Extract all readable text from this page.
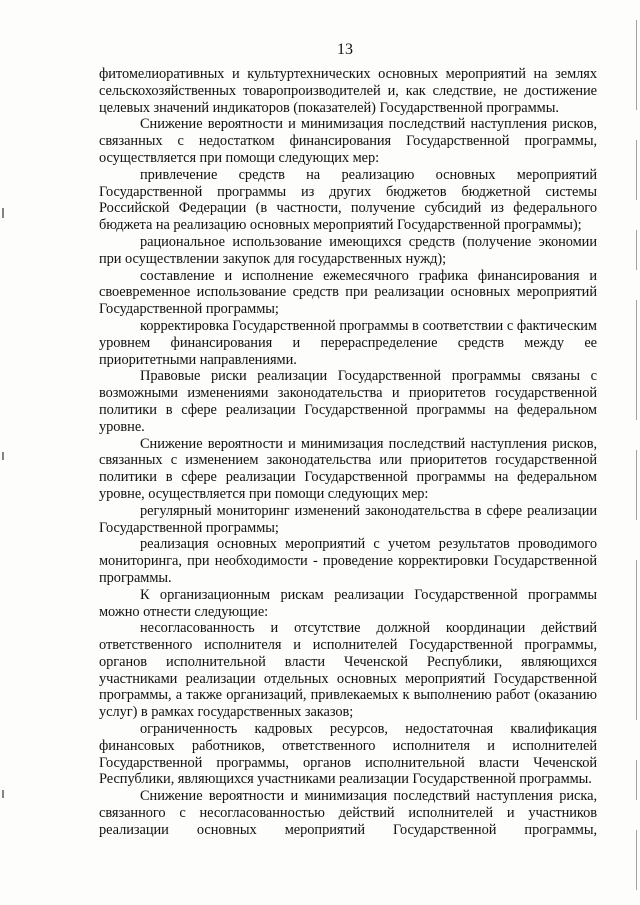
13

фитомелиоративных и культуртехнических основных мероприятий на землях сельскохозяйственных товаропроизводителей и, как следствие, не достижение целевых значений индикаторов (показателей) Государственной программы.

Снижение вероятности и минимизация последствий наступления рисков, связанных с недостатком финансирования Государственной программы, осуществляется при помощи следующих мер:

привлечение средств на реализацию основных мероприятий Государственной программы из других бюджетов бюджетной системы Российской Федерации (в частности, получение субсидий из федерального бюджета на реализацию основных мероприятий Государственной программы);

рациональное использование имеющихся средств (получение экономии при осуществлении закупок для государственных нужд);

составление и исполнение ежемесячного графика финансирования и своевременное использование средств при реализации основных мероприятий Государственной программы;

корректировка Государственной программы в соответствии с фактическим уровнем финансирования и перераспределение средств между ее приоритетными направлениями.

Правовые риски реализации Государственной программы связаны с возможными изменениями законодательства и приоритетов государственной политики в сфере реализации Государственной программы на федеральном уровне.

Снижение вероятности и минимизация последствий наступления рисков, связанных с изменением законодательства или приоритетов государственной политики в сфере реализации Государственной программы на федеральном уровне, осуществляется при помощи следующих мер:

регулярный мониторинг изменений законодательства в сфере реализации Государственной программы;

реализация основных мероприятий с учетом результатов проводимого мониторинга, при необходимости - проведение корректировки Государственной программы.

К организационным рискам реализации Государственной программы можно отнести следующие:

несогласованность и отсутствие должной координации действий ответственного исполнителя и исполнителей Государственной программы, органов исполнительной власти Чеченской Республики, являющихся участниками реализации отдельных основных мероприятий Государственной программы, а также организаций, привлекаемых к выполнению работ (оказанию услуг) в рамках государственных заказов;

ограниченность кадровых ресурсов, недостаточная квалификация финансовых работников, ответственного исполнителя и исполнителей Государственной программы, органов исполнительной власти Чеченской Республики, являющихся участниками реализации Государственной программы.

Снижение вероятности и минимизация последствий наступления риска, связанного с несогласованностью действий исполнителей и участников реализации основных мероприятий Государственной программы,
